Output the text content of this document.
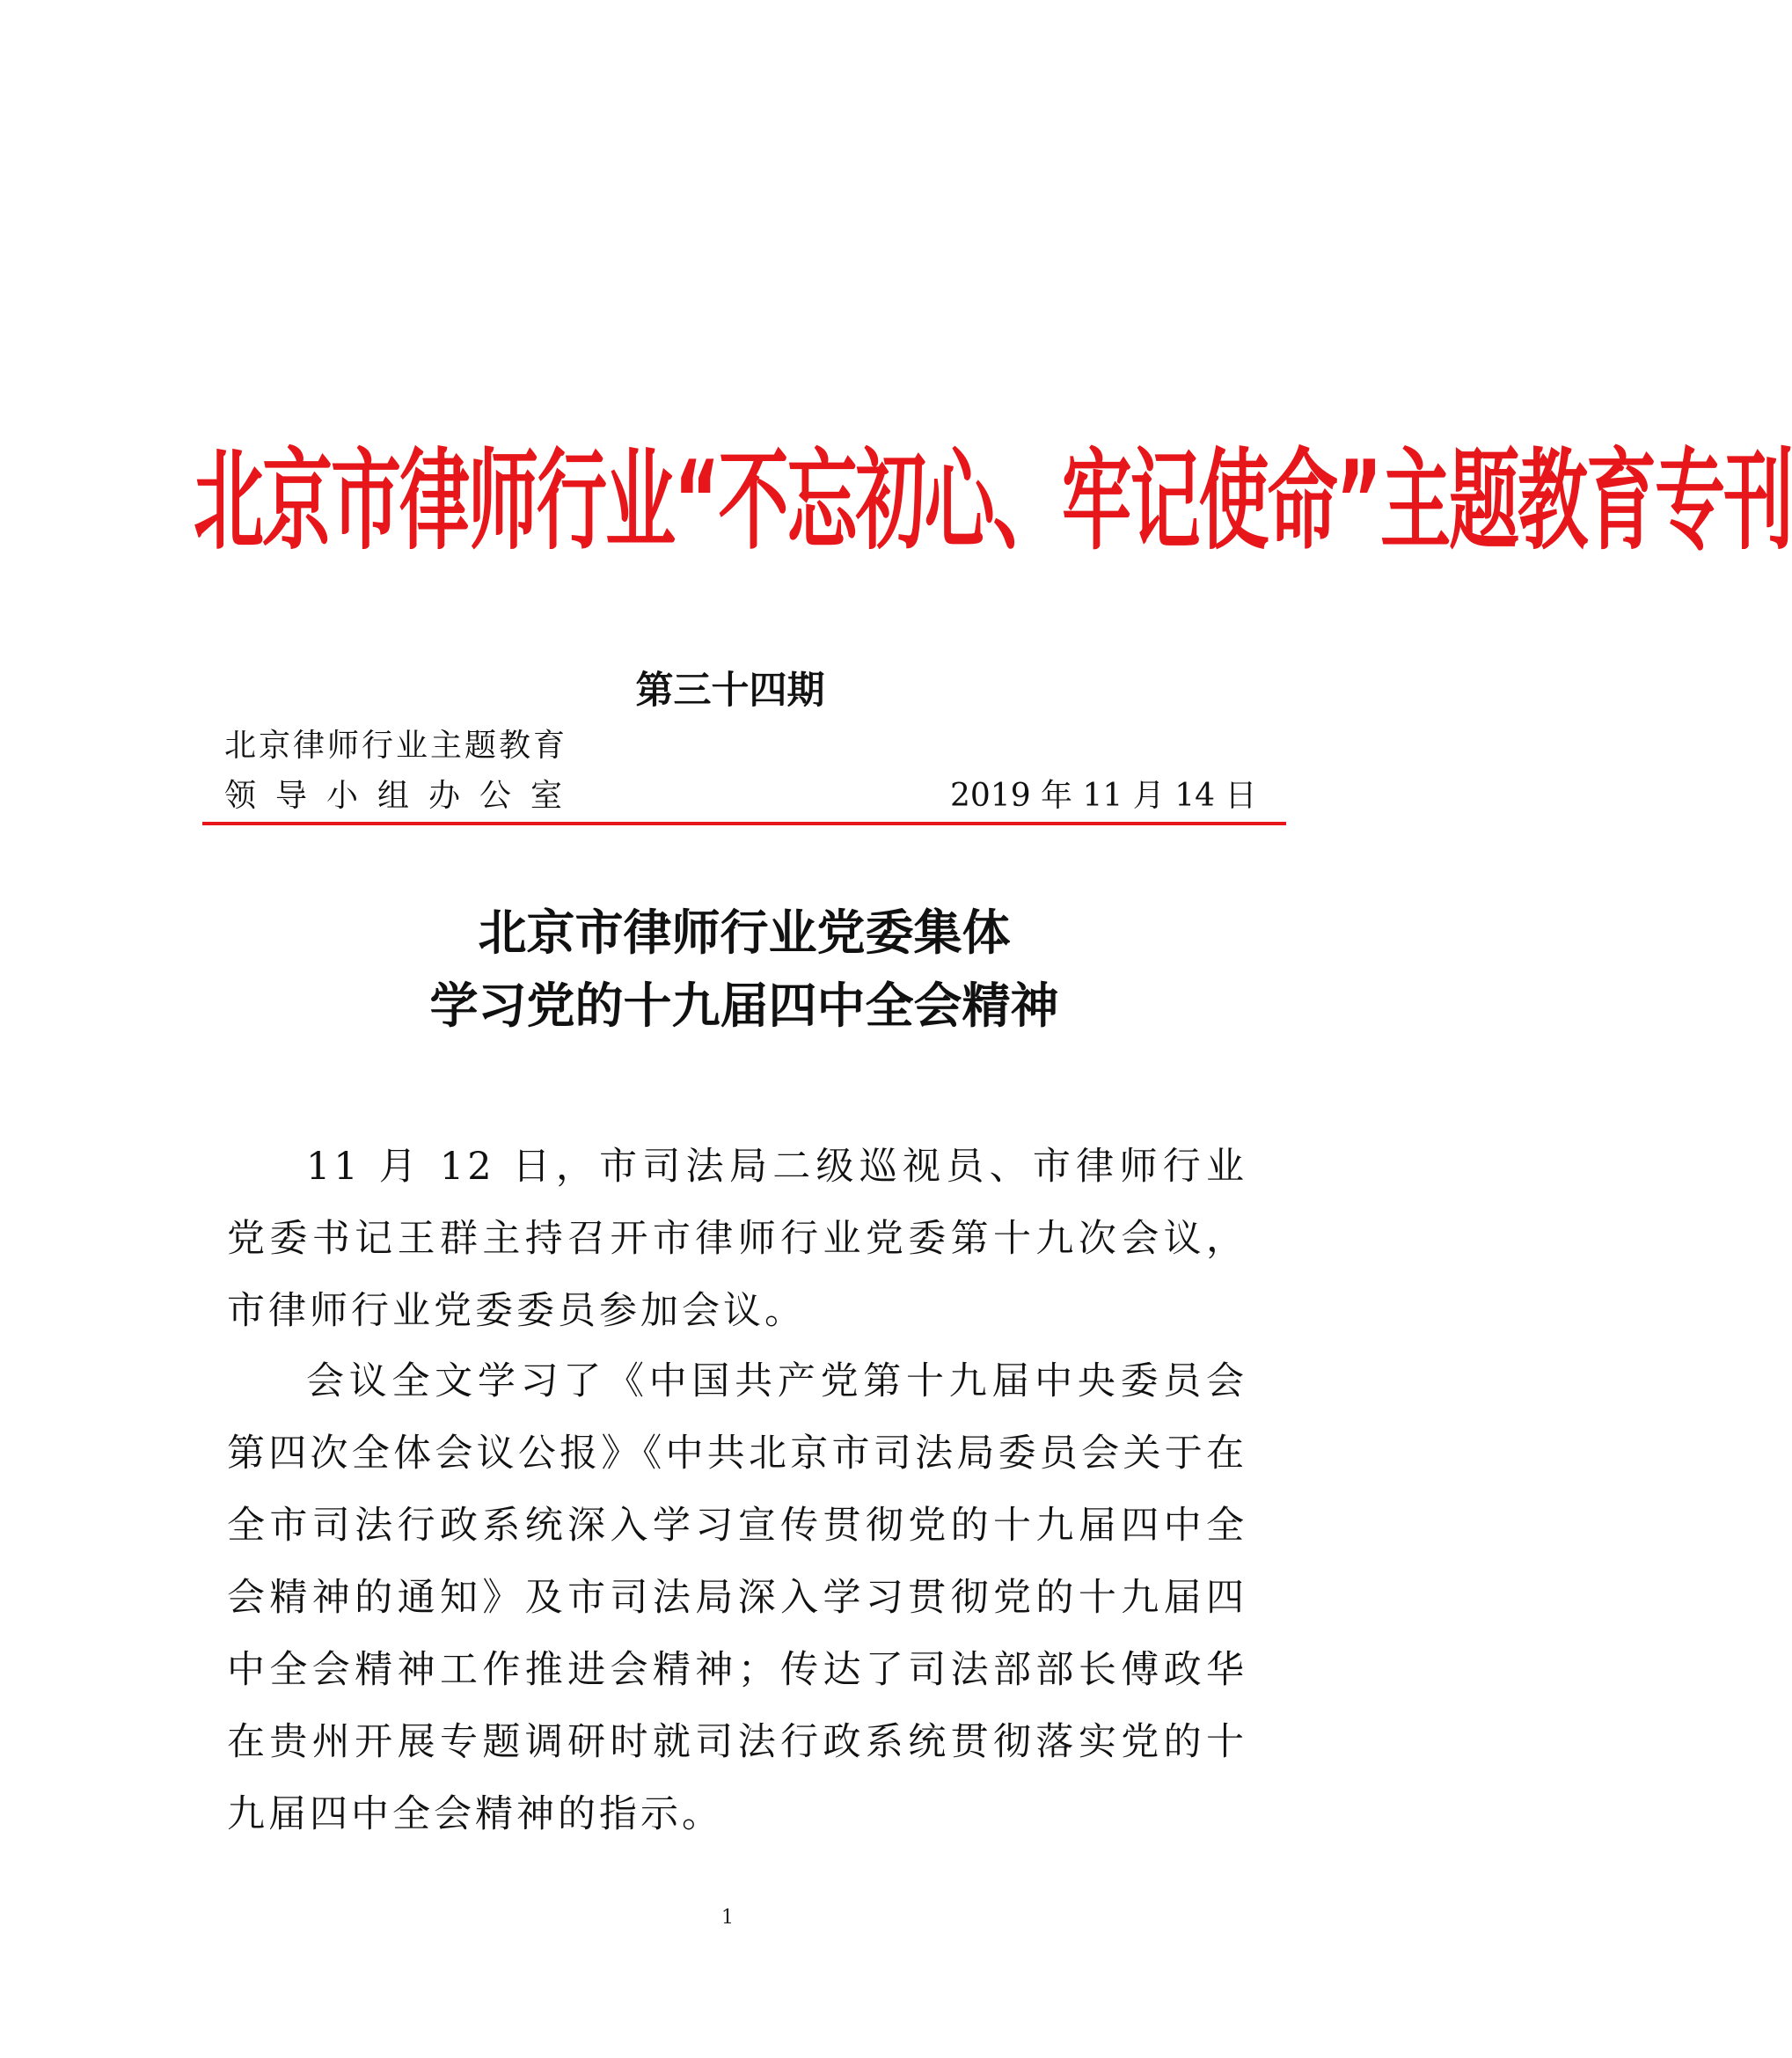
北京市律师行业“不忘初心、牢记使命”主题教育专刊
第三十四期
北京律师行业主题教育
领导小组办公室	2019 年 11 月 14 日
北京市律师行业党委集体
学习党的十九届四中全会精神
11 月 12 日，市司法局二级巡视员、市律师行业党委书记王群主持召开市律师行业党委第十九次会议，市律师行业党委委员参加会议。
会议全文学习了《中国共产党第十九届中央委员会第四次全体会议公报》《中共北京市司法局委员会关于在全市司法行政系统深入学习宣传贯彻党的十九届四中全会精神的通知》及市司法局深入学习贯彻党的十九届四中全会精神工作推进会精神；传达了司法部部长傅政华在贵州开展专题调研时就司法行政系统贯彻落实党的十九届四中全会精神的指示。
1
